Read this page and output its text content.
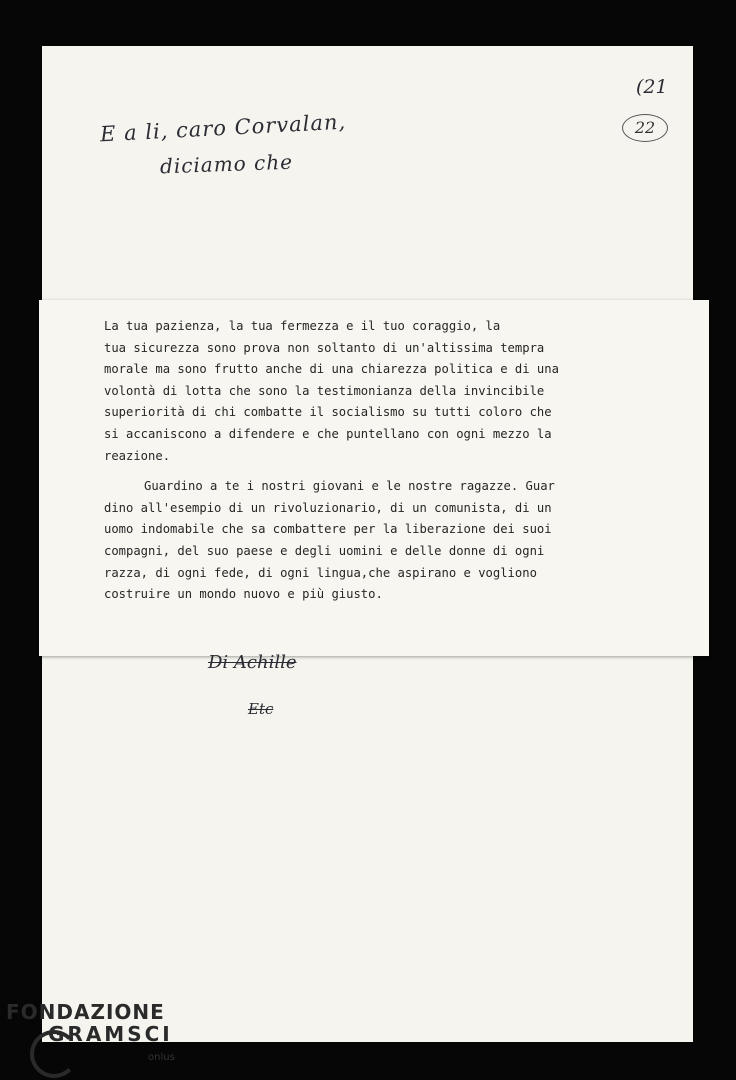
E a li, caro Corvalan,
diciamo che
(21
22
La tua pazienza, la tua fermezza e il tuo coraggio, la
tua sicurezza sono prova non soltanto di un'altissima tempra
morale ma sono frutto anche di una chiarezza politica e di una
volontà di lotta che sono la testimonianza della invincibile
superiorità di chi combatte il socialismo su tutti coloro che
si accaniscono a difendere e che puntellano con ogni mezzo la
reazione.
Guardino a te i nostri giovani e le nostre ragazze. Guar
dino all'esempio di un rivoluzionario, di un comunista, di un
uomo indomabile che sa combattere per la liberazione dei suoi
compagni, del suo paese e degli uomini e delle donne di ogni
razza, di ogni fede, di ogni lingua,che aspirano e vogliono
costruire un mondo nuovo e più giusto.
Di Achille
Etc
FONDAZIONE
GRAMSCI
onlus
